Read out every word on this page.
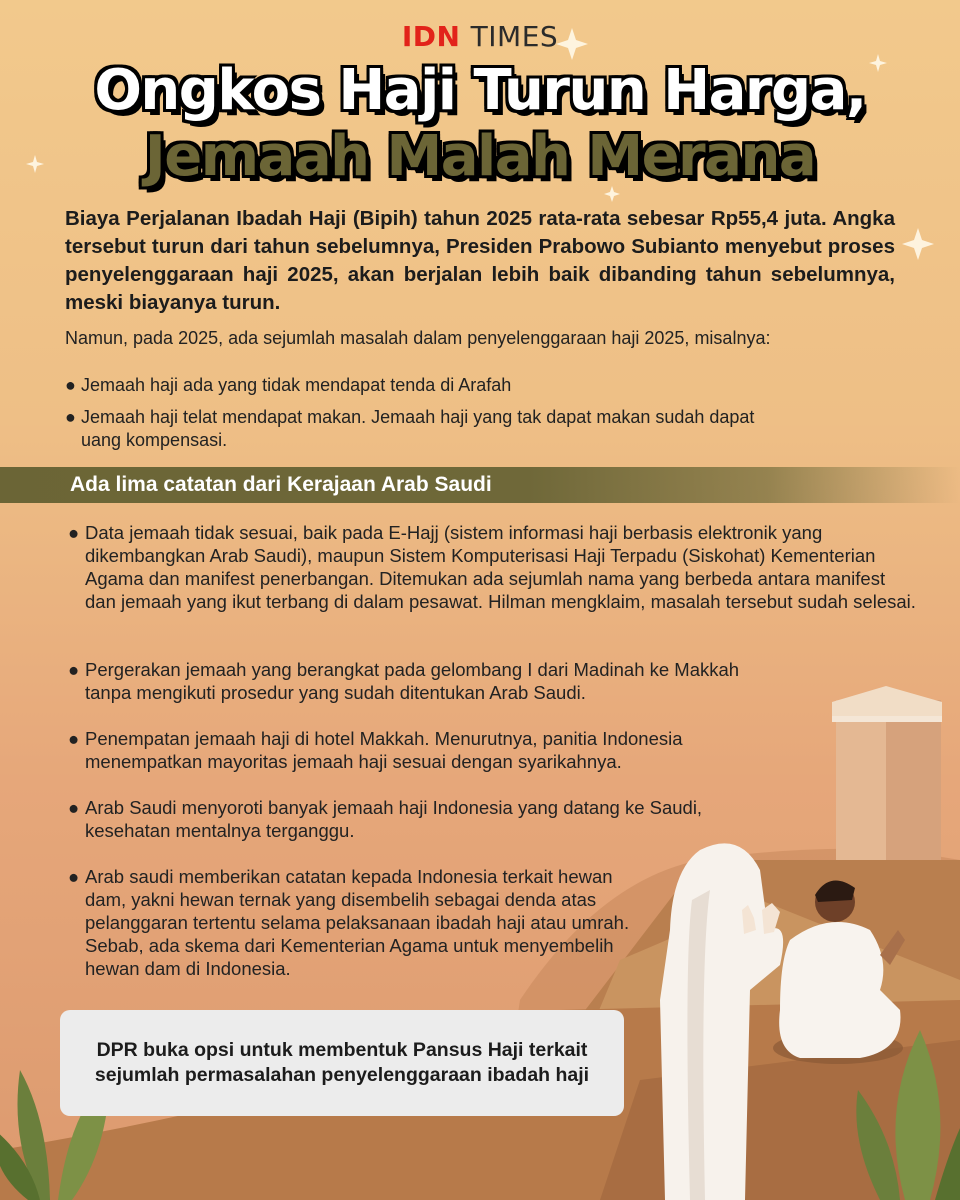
IDN TIMES
Ongkos Haji Turun Harga,
Jemaah Malah Merana
Biaya Perjalanan Ibadah Haji (Bipih) tahun 2025 rata-rata sebesar Rp55,4 juta. Angka tersebut turun dari tahun sebelumnya, Presiden Prabowo Subianto menyebut proses penyelenggaraan haji 2025, akan berjalan lebih baik dibanding tahun sebelumnya, meski biayanya turun.
Namun, pada 2025, ada sejumlah masalah dalam penyelenggaraan haji 2025, misalnya:
● Jemaah haji ada yang tidak mendapat tenda di Arafah
● Jemaah haji telat mendapat makan. Jemaah haji yang tak dapat makan sudah dapat uang kompensasi.
Ada lima catatan dari Kerajaan Arab Saudi
● Data jemaah tidak sesuai, baik pada E-Hajj (sistem informasi haji berbasis elektronik yang dikembangkan Arab Saudi), maupun Sistem Komputerisasi Haji Terpadu (Siskohat) Kementerian Agama dan manifest penerbangan. Ditemukan ada sejumlah nama yang berbeda antara manifest dan jemaah yang ikut terbang di dalam pesawat. Hilman mengklaim, masalah tersebut sudah selesai.
● Pergerakan jemaah yang berangkat pada gelombang I dari Madinah ke Makkah tanpa mengikuti prosedur yang sudah ditentukan Arab Saudi.
● Penempatan jemaah haji di hotel Makkah. Menurutnya, panitia Indonesia menempatkan mayoritas jemaah haji sesuai dengan syarikahnya.
● Arab Saudi menyoroti banyak jemaah haji Indonesia yang datang ke Saudi, kesehatan mentalnya terganggu.
● Arab saudi memberikan catatan kepada Indonesia terkait hewan dam, yakni hewan ternak yang disembelih sebagai denda atas pelanggaran tertentu selama pelaksanaan ibadah haji atau umrah. Sebab, ada skema dari Kementerian Agama untuk menyembelih hewan dam di Indonesia.
DPR buka opsi untuk membentuk Pansus Haji terkait sejumlah permasalahan penyelenggaraan ibadah haji
